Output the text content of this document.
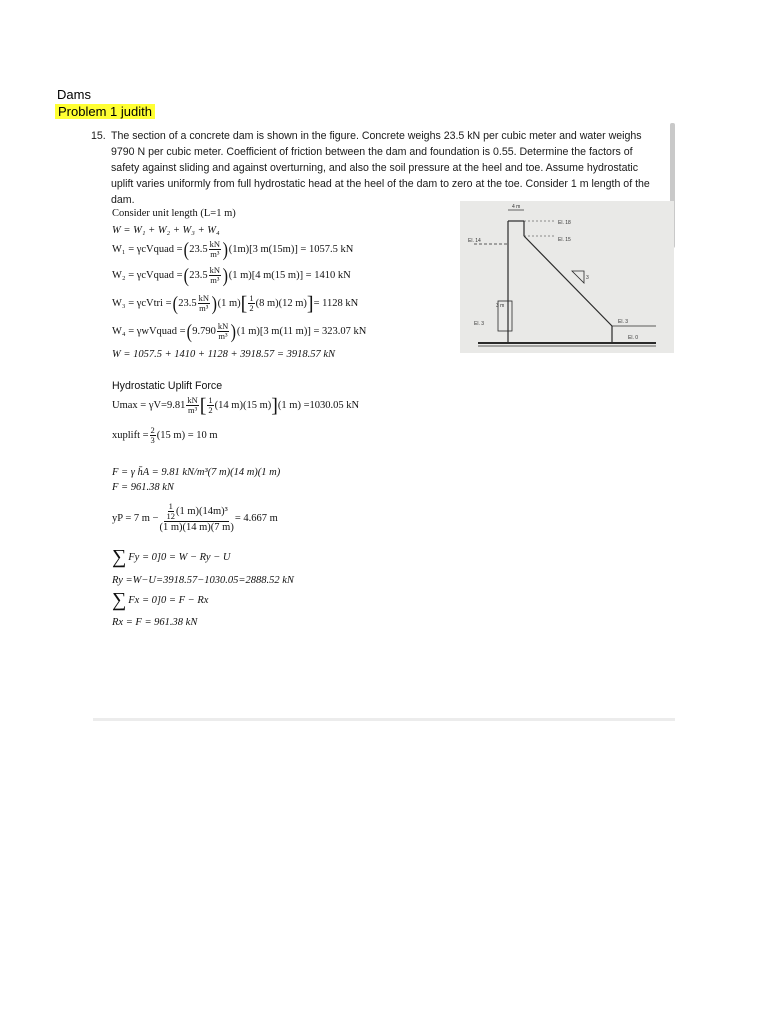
Dams
Problem 1 judith
15. The section of a concrete dam is shown in the figure. Concrete weighs 23.5 kN per cubic meter and water weighs 9790 N per cubic meter. Coefficient of friction between the dam and foundation is 0.55. Determine the factors of safety against sliding and against overturning, and also the soil pressure at the heel and toe. Assume hydrostatic uplift varies uniformly from full hydrostatic head at the heel of the dam to zero at the toe. Consider 1 m length of the dam.
Consider unit length (L=1 m)
W = W₁ + W₂ + W₃ + W₄
W₁ = γcVquad = ( $23.5 \frac{kN}{\text{m³}}$ ) (1m)[3 m(15m)] = 1057.5 kN
W₂ = γcVquad = ( $23.5 \frac{kN}{\text{m³}}$ ) (1 m)[4 m(15 m)] = 1410 kN
W₃ = γcVtri = ( $23.5 \frac{kN}{\text{m³}}$ ) (1 m) [ $\frac{1}{2} (8$ m)(12 m) ] = 1128 kN
W₄ = γwVquad = ( $9.790 \frac{kN}{\text{m³}}$ ) (1 m)[3 m(11 m)] = 323.07 kN
W = 1057.5 + 1410 + 1128 + 3918.57 = 3918.57 kN
Hydrostatic Uplift Force
$Umax = \gamma V=9.81 \frac{kN}{\text{m³}}$ [ $\frac{1}{2} (14$ m)(15 m) ] (1 m) =1030.05 kN
xuplift = $\frac{2}{3} (15$ m) = 10 m
F = γ h̄A = 9.81 kN/m³(7 m)(14 m)(1 m)
F = 961.38 kN
yP = 7 $m - \frac{\frac{1}{12} (1 m)(14m)^3}{(1 m)(14 m)(7 m)} = 4.667$ m
∑ Fy = 0]0 = W − Ry − U
Ry =W−U=3918.57−1030.05=2888.52 kN
∑ Fx = 0]0 = F − Rx
Rx = F = 961.38 kN
4 m
El. 18
El. 15
El. 14
El. 3
El. 0
El. 3
3
3 m
